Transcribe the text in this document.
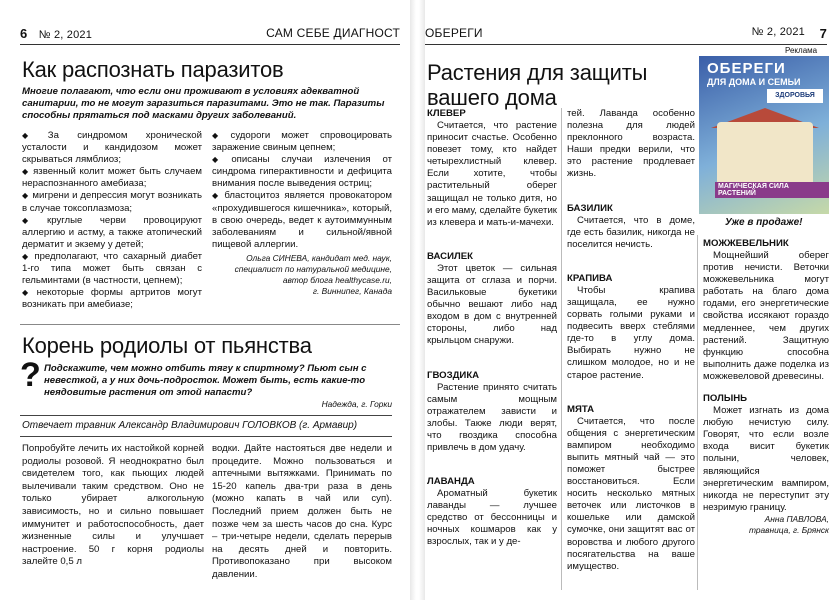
6 № 2, 2021	САМ СЕБЕ ДИАГНОСТ
Как распознать паразитов
Многие полагают, что если они проживают в условиях адекватной санитарии, то не могут заразиться паразитами. Это не так. Паразиты способны прятаться под масками других заболеваний.

◆ За синдромом хронической усталости и кандидозом может скрываться лямблиоз;

◆ язвенный колит может быть случаем нераспознанного амебиаза;

◆ мигрени и депрессия могут возникать в случае токсоплазмоза;

◆ круглые черви провоцируют аллергию и астму, а также атопический дерматит и экзему у детей;

◆ предполагают, что сахарный диабет 1-го типа может быть связан с гельминтами (в частности, цепнем);

◆ некоторые формы артритов могут возникать при амебиазе;

◆ судороги может спровоцировать заражение свиным цепнем;

◆ описаны случаи излечения от синдрома гиперактивности и дефицита внимания после выведения остриц;

◆ бластоцитоз является провокатором «прохудившегося кишечника», который, в свою очередь, ведет к аутоиммунным заболеваниям и сильной/явной пищевой аллергии.

Ольга СИНЕВА, кандидат мед. наук,
специалист по натуральной медицине,
автор блога healthycase.ru,
г. Виннипег, Канада
Корень родиолы от пьянства
? Подскажите, чем можно отбить тягу к спиртному? Пьют сын с невесткой, а у них дочь-подросток. Может быть, есть какие-то неядовитые растения от этой напасти?
Надежда, г. Горки
Отвечает травник Александр Владимирович ГОЛОВКОВ (г. Армавир)
Попробуйте лечить их настойкой корней родиолы розовой. Я неоднократно был свидетелем того, как пьющих людей вылечивали таким средством. Оно не только убирает алкогольную зависимость, но и сильно повышает иммунитет и работоспособность, дает жизненные силы и улучшает настроение. 50 г корня родиолы залейте 0,5 л
водки. Дайте настояться две недели и процедите. Можно пользоваться и аптечными вытяжками. Принимать по 15-20 капель два-три раза в день (можно капать в чай или суп). Последний прием должен быть не позже чем за шесть часов до сна. Курс – три-четыре недели, сделать перерыв на десять дней и повторить. Противопоказано при высоком давлении.
ОБЕРЕГИ	№ 2, 2021 7
Растения для защиты вашего дома
Реклама
ОБЕРЕГИ
ДЛЯ ДОМА И СЕМЬИ
ЗДОРОВЬЯ
МАГИЧЕСКАЯ СИЛА РАСТЕНИЙ
Уже в продаже!

КЛЕВЕР

Считается, что растение приносит счастье. Особенно повезет тому, кто найдет четырехлистный клевер. Если хотите, чтобы растительный оберег защищал не только дитя, но и его маму, сделайте букетик из клевера и мать-и-мачехи.

ВАСИЛЕК

Этот цветок — сильная защита от сглаза и порчи. Васильковые букетики обычно вешают либо над входом в дом с внутренней стороны, либо над крыльцом снаружи.

ГВОЗДИКА

Растение принято считать самым мощным отражателем зависти и злобы. Также люди верят, что гвоздика способна привлечь в дом удачу.

ЛАВАНДА

Ароматный букетик лаванды — лучшее средство от бессонницы и ночных кошмаров как у взрослых, так и у де-

тей. Лаванда особенно полезна для людей преклонного возраста. Наши предки верили, что это растение продлевает жизнь.

БАЗИЛИК

Считается, что в доме, где есть базилик, никогда не поселится нечисть.

КРАПИВА

Чтобы крапива защищала, ее нужно сорвать голыми руками и подвесить вверх стеблями где-то в углу дома. Выбирать нужно не слишком молодое, но и не старое растение.

МЯТА

Считается, что после общения с энергетическим вампиром необходимо выпить мятный чай — это поможет быстрее восстановиться. Если носить несколько мятных веточек или листочков в кошельке или дамской сумочке, они защитят вас от воровства и любого другого посягательства на ваше имущество.

МОЖЖЕВЕЛЬНИК

Мощнейший оберег против нечисти. Веточки можжевельника могут работать на благо дома годами, его энергетические свойства иссякают гораздо медленнее, чем других растений. Защитную функцию способна выполнить даже поделка из можжевеловой древесины.

ПОЛЫНЬ

Может изгнать из дома любую нечистую силу. Говорят, что если возле входа висит букетик полыни, человек, являющийся энергетическим вампиром, никогда не переступит эту незримую границу.

Анна ПАВЛОВА,
травница, г. Брянск
